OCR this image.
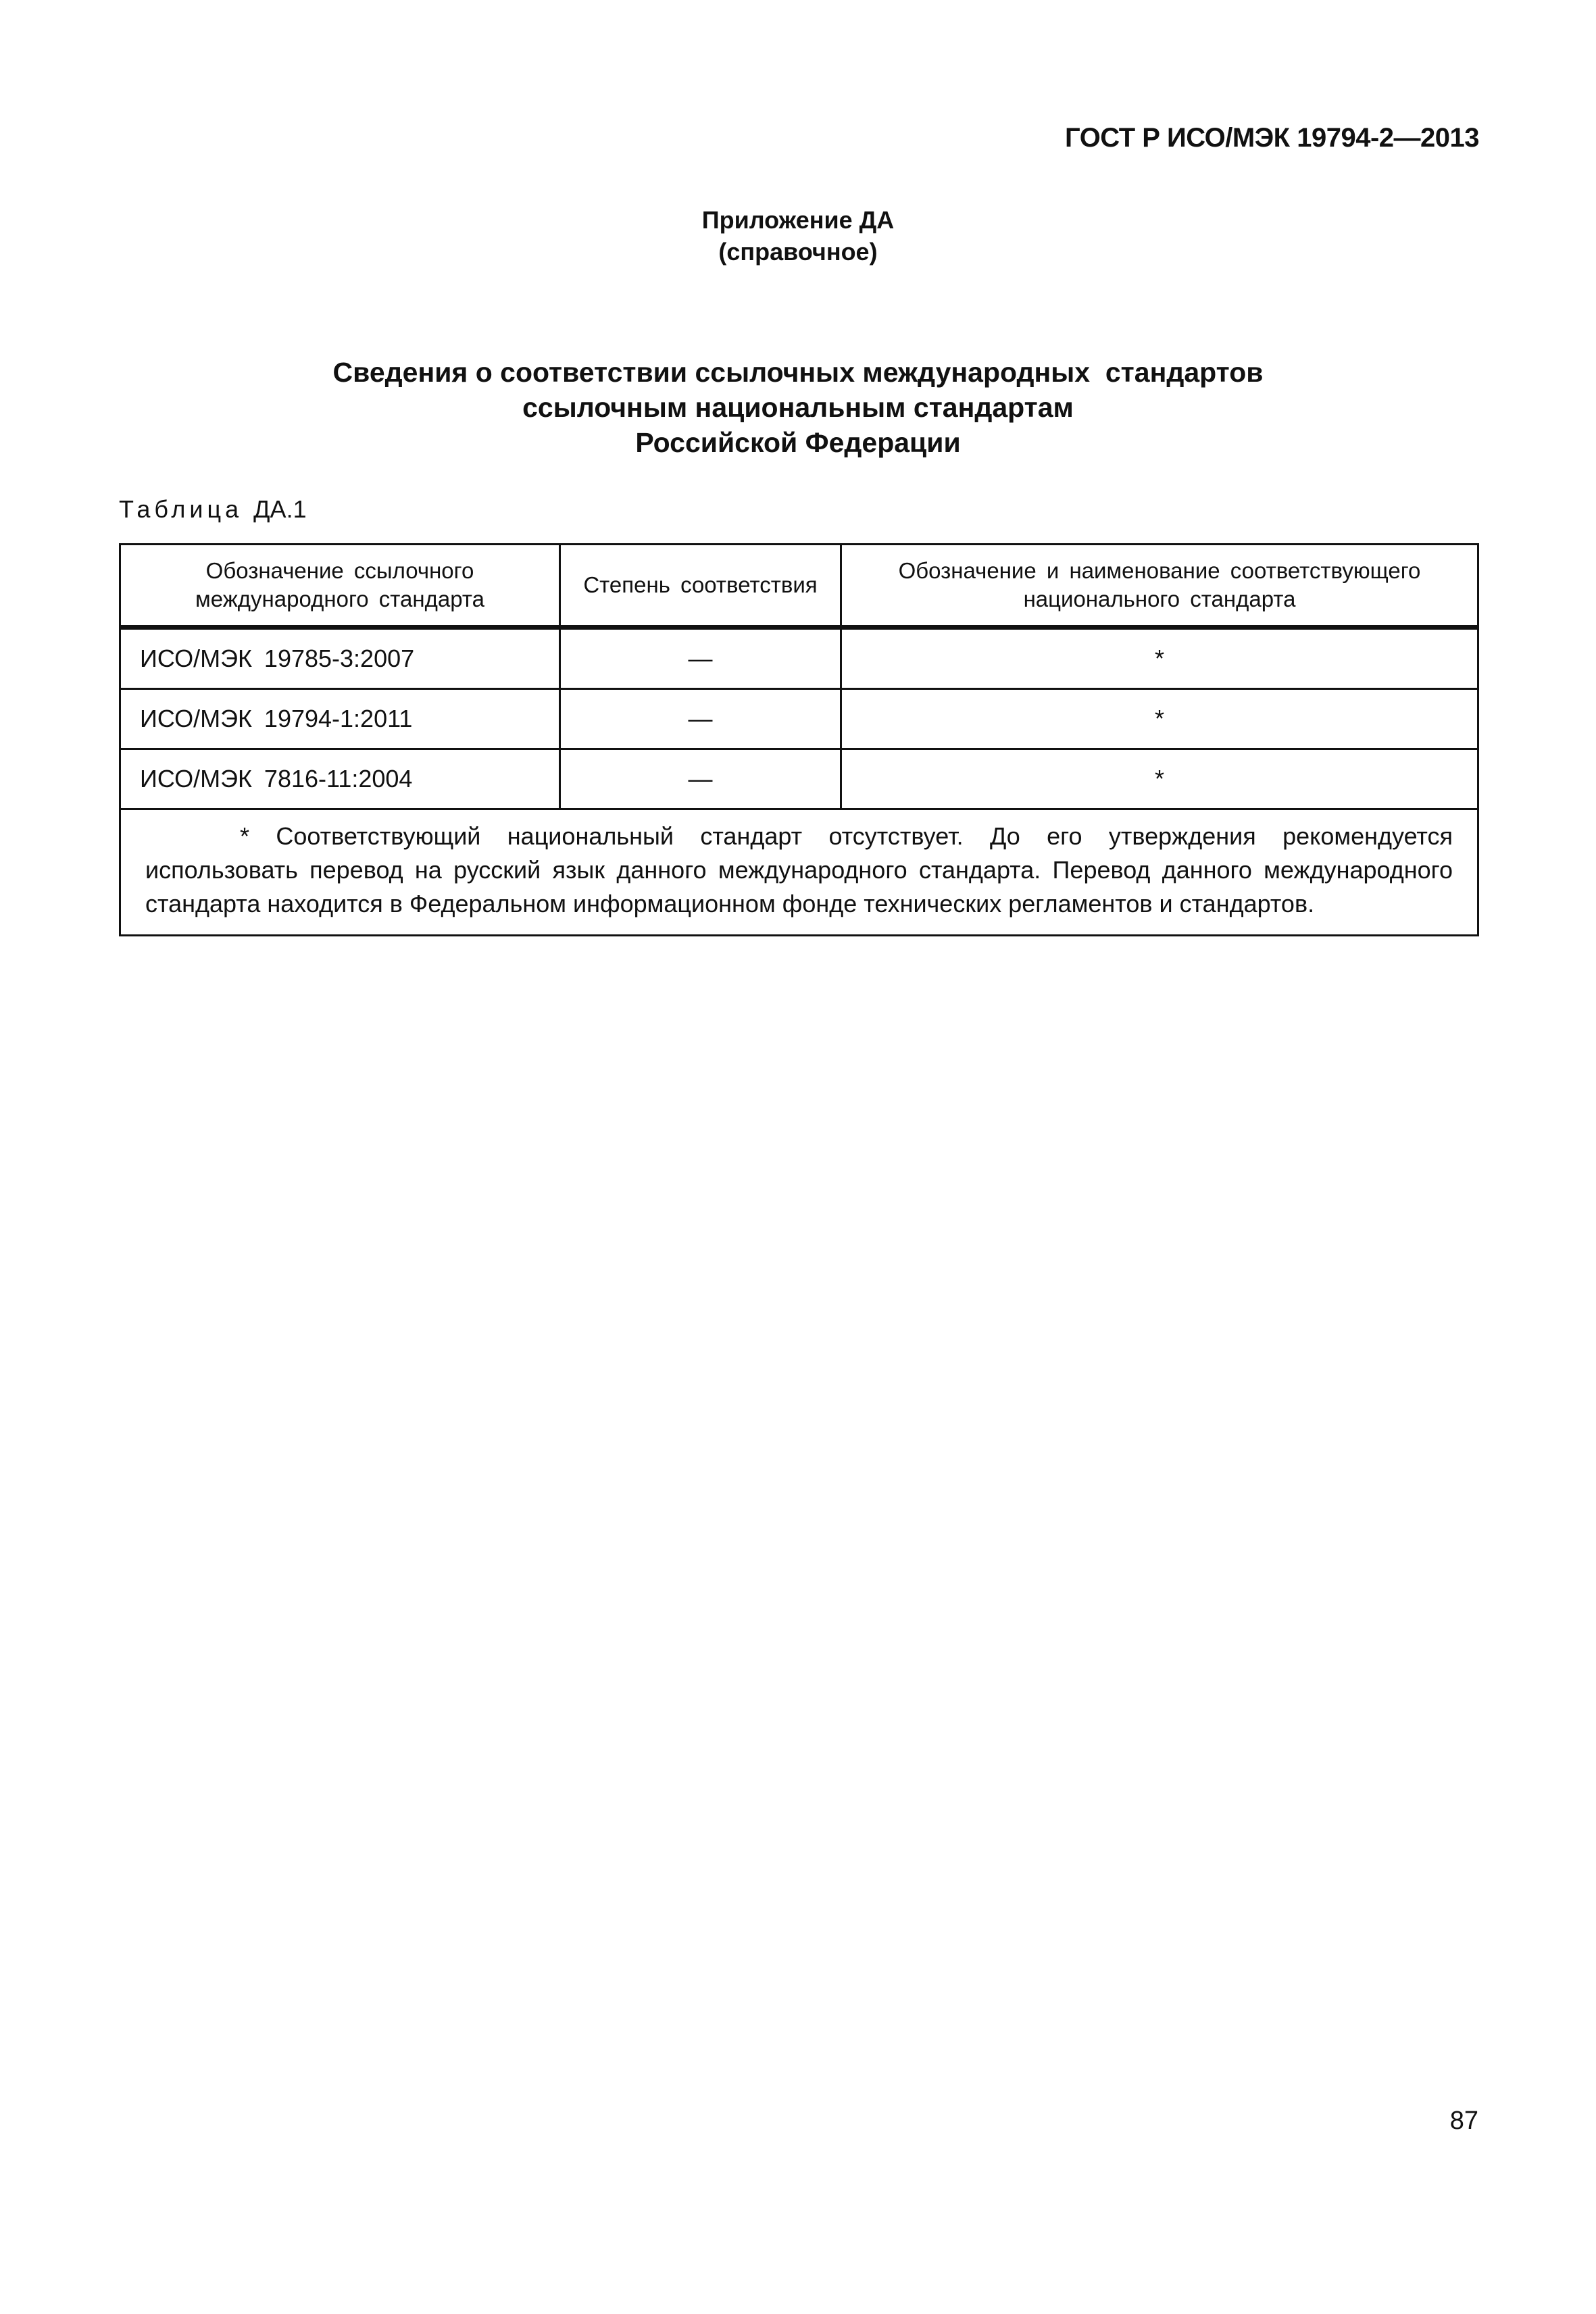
ГОСТ Р ИСО/МЭК 19794-2—2013
Приложение ДА
(справочное)
Сведения о соответствии ссылочных международных  стандартов
ссылочным национальным стандартам
Российской Федерации
Таблица ДА.1
Обозначение ссылочного международного стандарта	Степень соответствия	Обозначение и наименование соответствующего национального стандарта
ИСО/МЭК 19785-3:2007	—	*
ИСО/МЭК 19794-1:2011	—	*
ИСО/МЭК 7816-11:2004	—	*
* Соответствующий национальный стандарт отсутствует. До его утверждения рекомендуется использовать перевод на русский язык данного международного стандарта. Перевод данного международного стандарта находится в Федеральном информационном фонде технических регламентов и стандартов.		
87
